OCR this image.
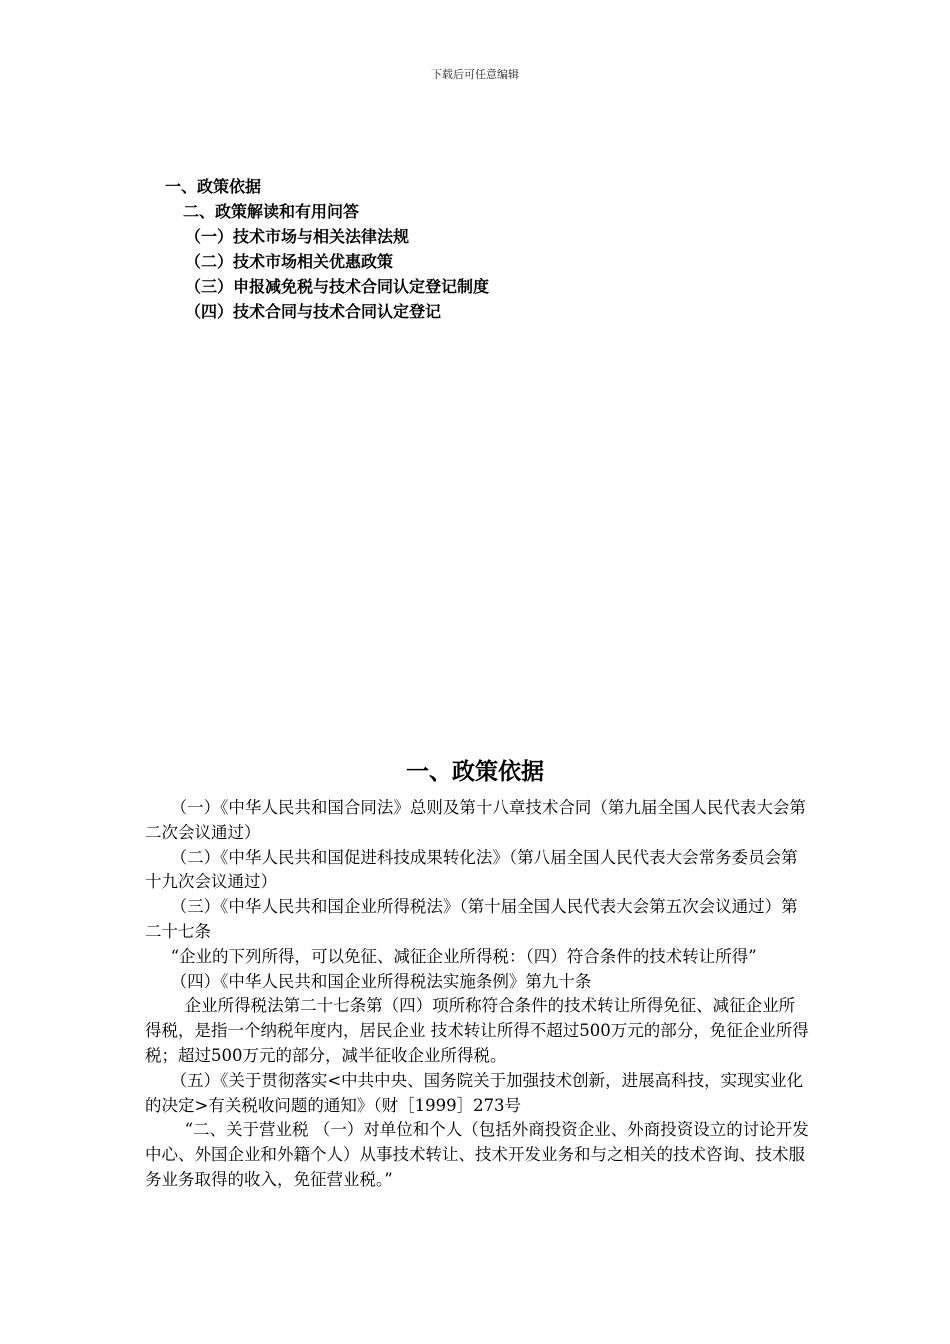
下载后可任意编辑
一、政策依据
二、政策解读和有用问答
（一）技术市场与相关法律法规
（二）技术市场相关优惠政策
（三）申报减免税与技术合同认定登记制度
（四）技术合同与技术合同认定登记
一、政策依据

（一）《中华人民共和国合同法》总则及第十八章技术合同（第九届全国人民代表大会第二次会议通过）

（二）《中华人民共和国促进科技成果转化法》（第八届全国人民代表大会常务委员会第十九次会议通过）

（三）《中华人民共和国企业所得税法》（第十届全国人民代表大会第五次会议通过）第二十七条

“企业的下列所得，可以免征、减征企业所得税：（四）符合条件的技术转让所得”

（四）《中华人民共和国企业所得税法实施条例》第九十条

企业所得税法第二十七条第（四）项所称符合条件的技术转让所得免征、减征企业所得税，是指一个纳税年度内，居民企业 技术转让所得不超过500万元的部分，免征企业所得税；超过500万元的部分，减半征收企业所得税。

（五）《关于贯彻落实<中共中央、国务院关于加强技术创新，进展高科技，实现实业化的决定>有关税收问题的通知》（财［1999］273号

“二、关于营业税 （一）对单位和个人（包括外商投资企业、外商投资设立的讨论开发中心、外国企业和外籍个人）从事技术转让、技术开发业务和与之相关的技术咨询、技术服务业务取得的收入，免征营业税。”
